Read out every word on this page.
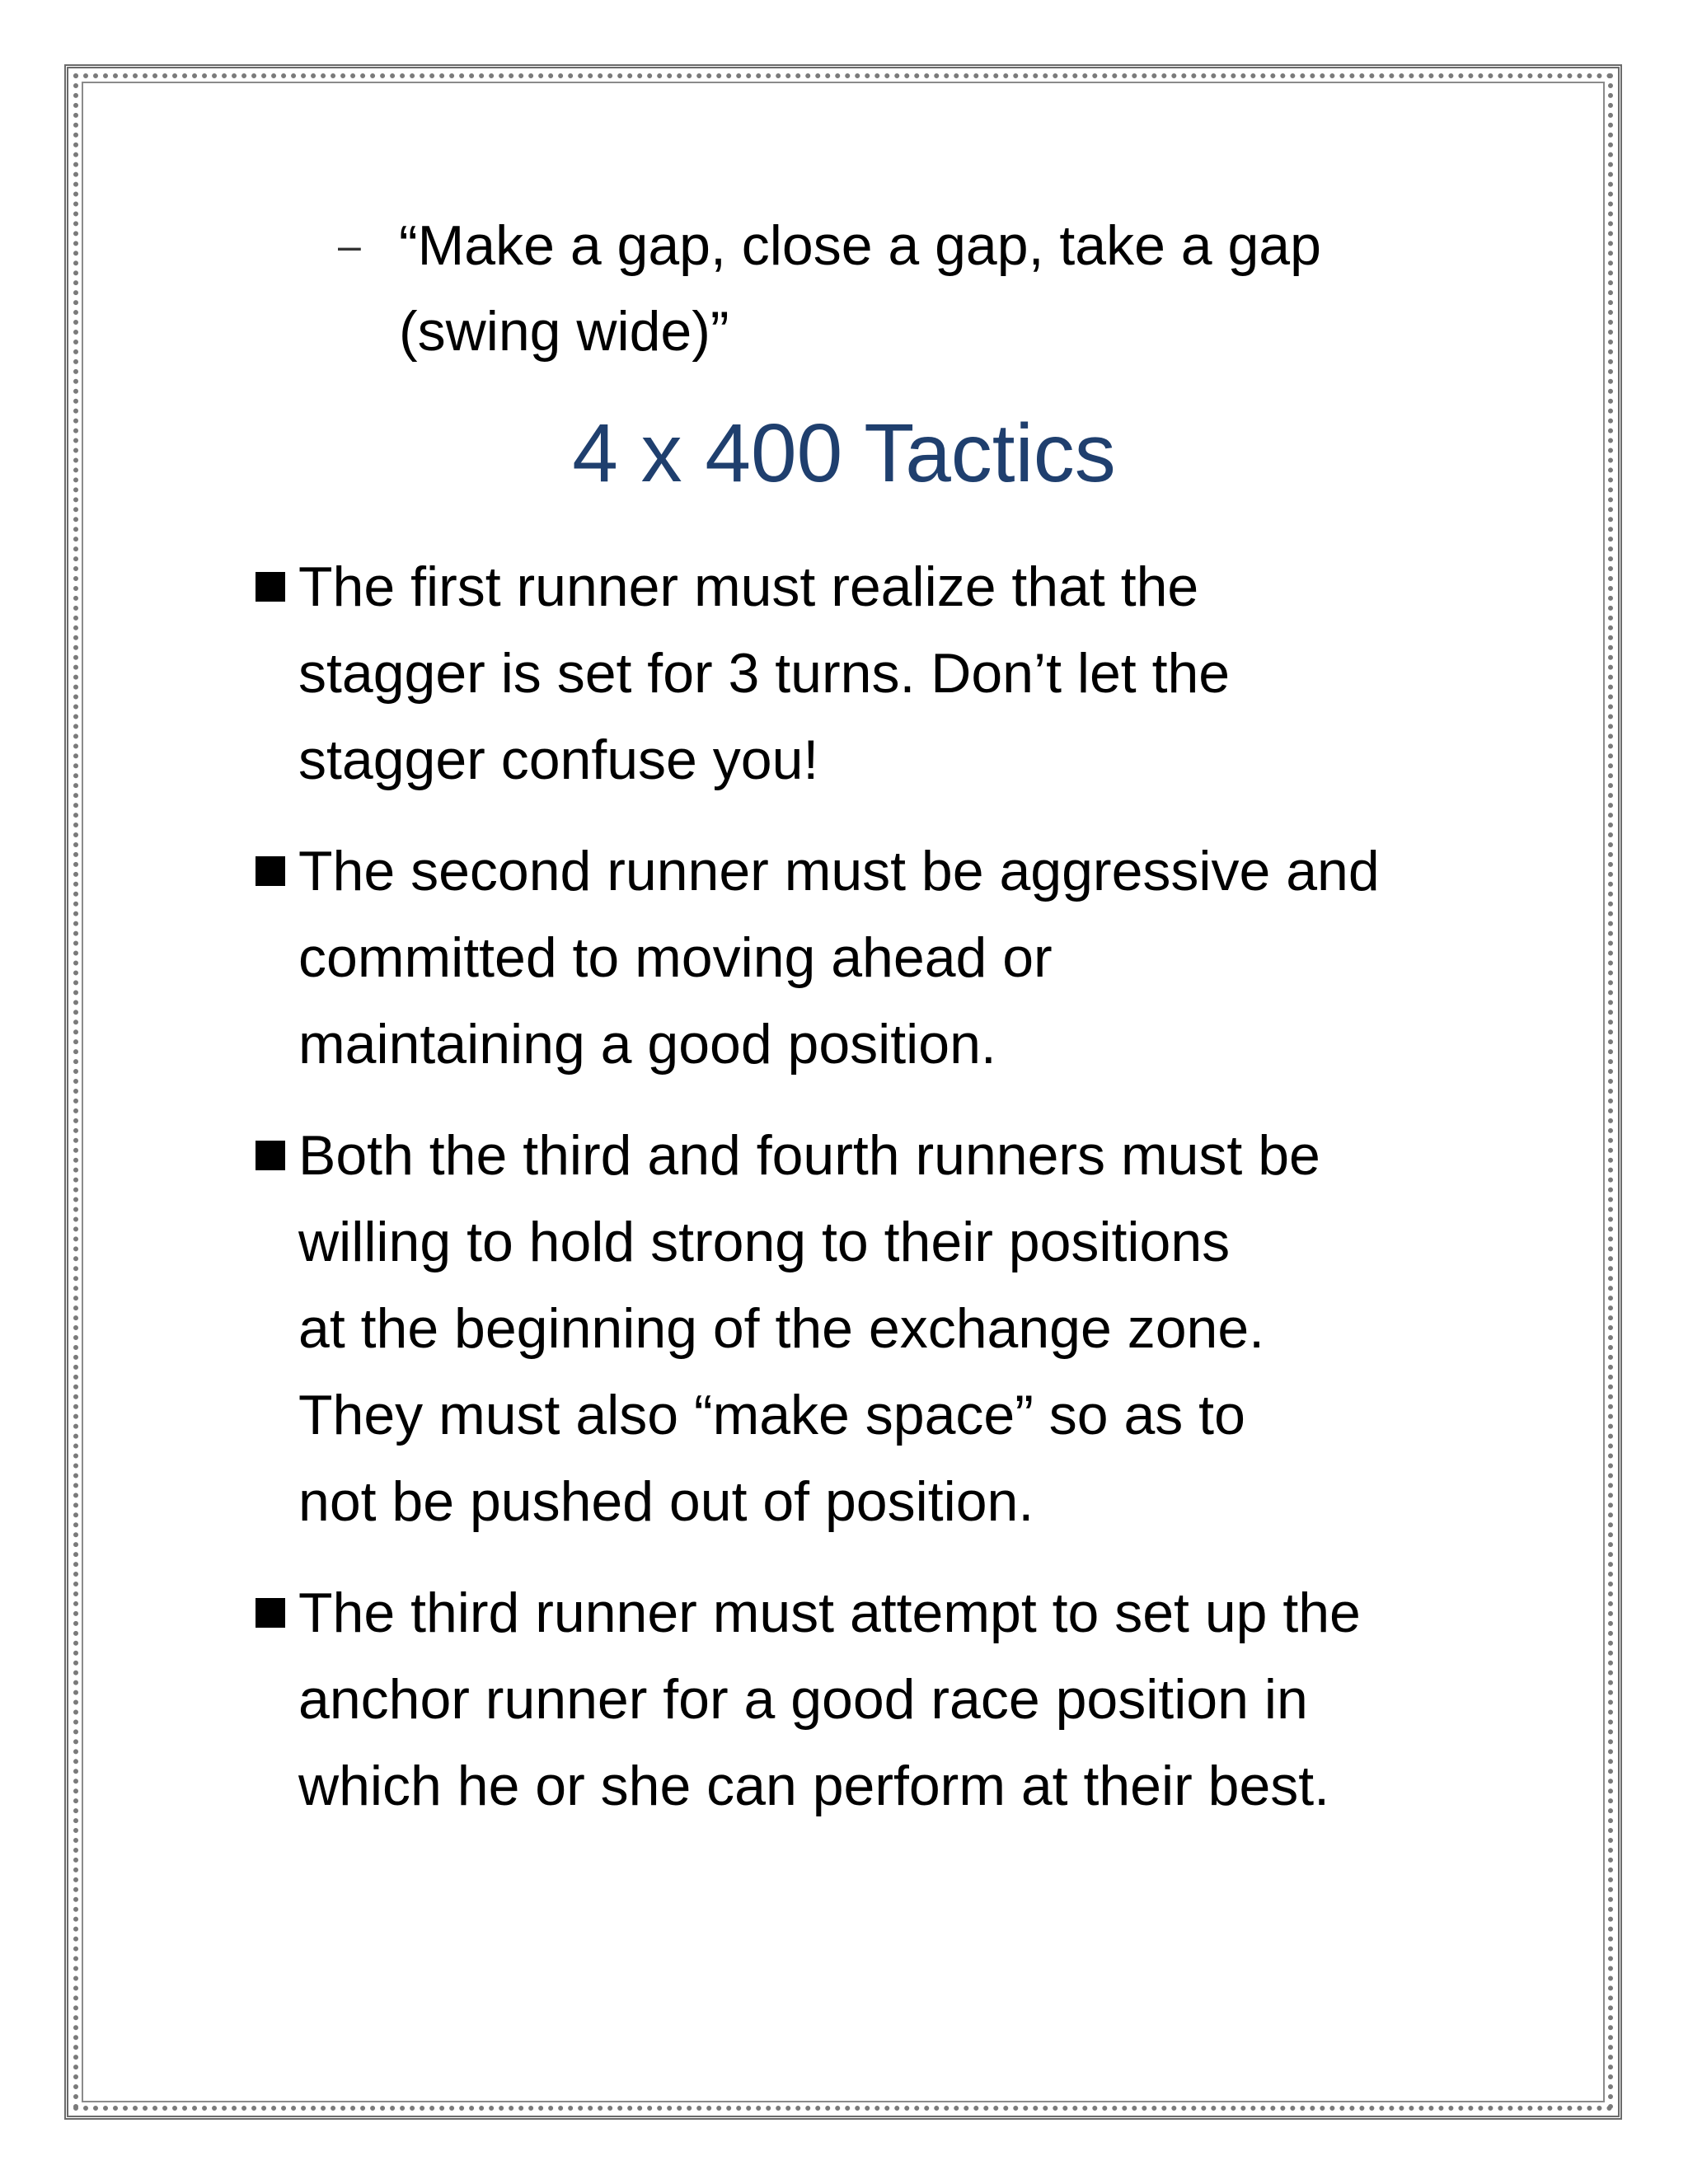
– “Make a gap, close a gap, take a gap (swing wide)”
4 x 400 Tactics
The first runner must realize that the
stagger is set for 3 turns. Don’t let the
stagger confuse you!
The second runner must be aggressive and
committed to moving ahead or
maintaining a good position.
Both the third and fourth runners must be
willing to hold strong to their positions
at the beginning of the exchange zone.
They must also “make space” so as to
not be pushed out of position.
The third runner must attempt to set up the
anchor runner for a good race position in
which he or she can perform at their best.
